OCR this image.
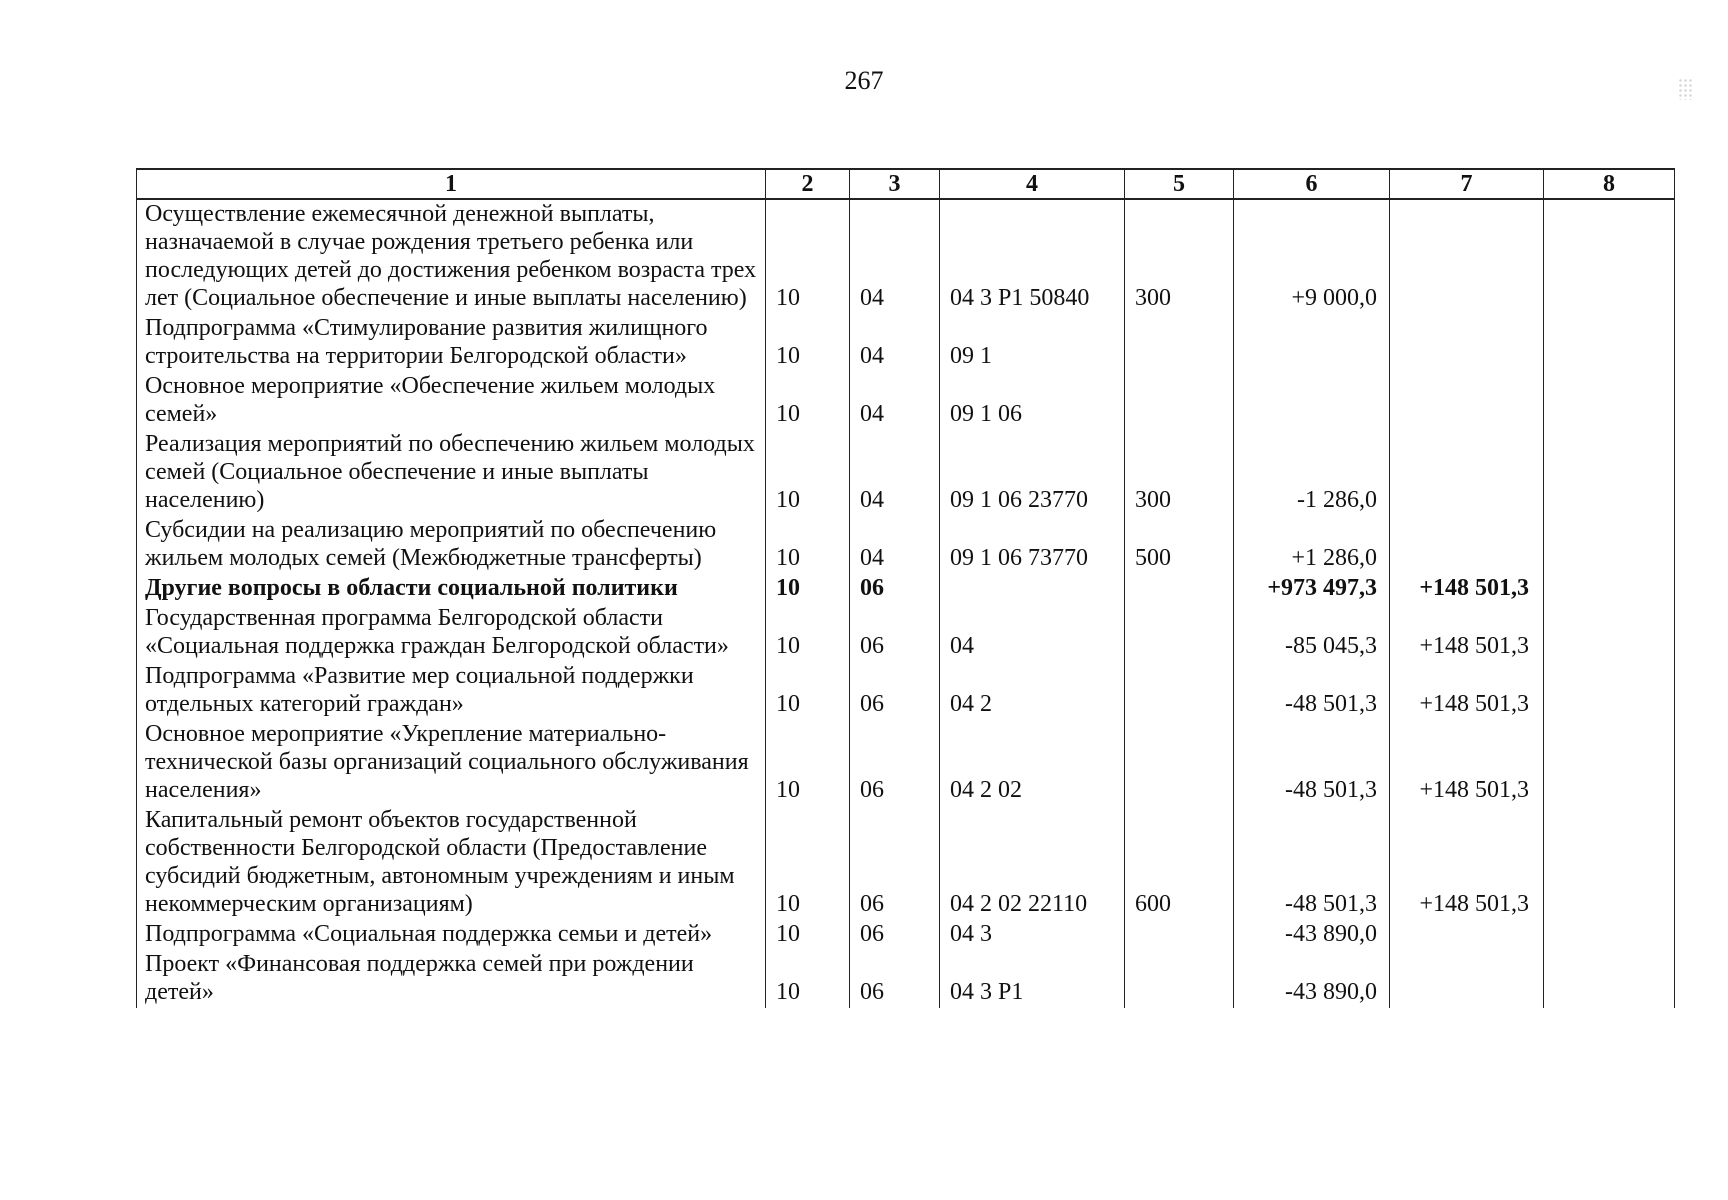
267
1	2	3	4	5	6	7	8
Осуществление ежемесячной денежной выплаты, назначаемой в случае рождения третьего ребенка или последующих детей до достижения ребенком возраста трех лет (Социальное обеспечение и иные выплаты населению)	10	04	04 3 P1 50840	300	+9 000,0		
Подпрограмма «Стимулирование развития жилищного строительства на территории Белгородской области»	10	04	09 1				
Основное мероприятие «Обеспечение жильем молодых семей»	10	04	09 1 06				
Реализация мероприятий по обеспечению жильем молодых семей (Социальное обеспечение и иные выплаты населению)	10	04	09 1 06 23770	300	-1 286,0		
Субсидии на реализацию мероприятий по обеспечению жильем молодых семей (Межбюджетные трансферты)	10	04	09 1 06 73770	500	+1 286,0		
Другие вопросы в области социальной политики	10	06			+973 497,3	+148 501,3	
Государственная программа Белгородской области «Социальная поддержка граждан Белгородской области»	10	06	04		-85 045,3	+148 501,3	
Подпрограмма «Развитие мер социальной поддержки отдельных категорий граждан»	10	06	04 2		-48 501,3	+148 501,3	
Основное мероприятие «Укрепление материально-технической базы организаций социального обслуживания населения»	10	06	04 2 02		-48 501,3	+148 501,3	
Капитальный ремонт объектов государственной собственности Белгородской области (Предоставление субсидий бюджетным, автономным учреждениям и иным некоммерческим организациям)	10	06	04 2 02 22110	600	-48 501,3	+148 501,3	
Подпрограмма «Социальная поддержка семьи и детей»	10	06	04 3		-43 890,0		
Проект «Финансовая поддержка семей при рождении детей»	10	06	04 3 P1		-43 890,0		
